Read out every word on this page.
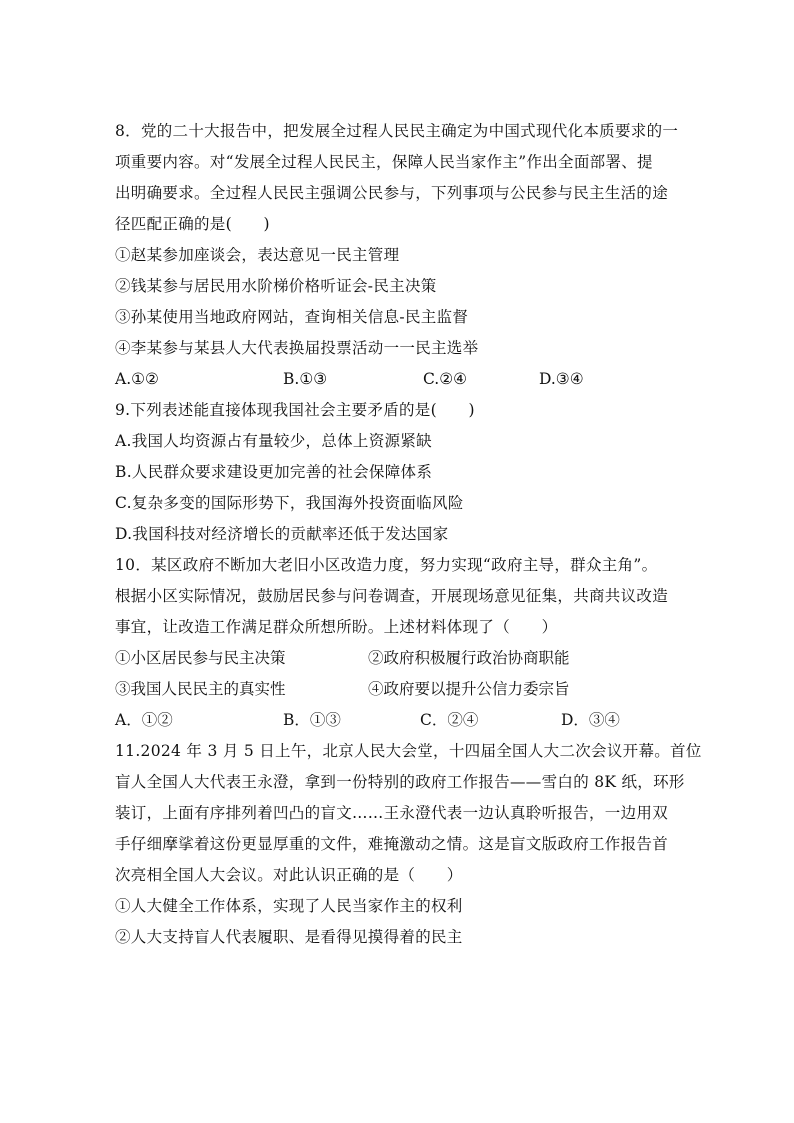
8．党的二十大报告中，把发展全过程人民民主确定为中国式现代化本质要求的一
项重要内容。对“发展全过程人民民主，保障人民当家作主”作出全面部署、提
出明确要求。全过程人民民主强调公民参与，下列事项与公民参与民主生活的途
径匹配正确的是(　　)
①赵某参加座谈会，表达意见一民主管理
②钱某参与居民用水阶梯价格听证会-民主决策
③孙某使用当地政府网站，查询相关信息-民主监督
④李某参与某县人大代表换届投票活动一一民主选举
A.①②	B.①③	C.②④	D.③④
9.下列表述能直接体现我国社会主要矛盾的是(　　)
A.我国人均资源占有量较少，总体上资源紧缺
B.人民群众要求建设更加完善的社会保障体系
C.复杂多变的国际形势下，我国海外投资面临风险
D.我国科技对经济增长的贡献率还低于发达国家
10．某区政府不断加大老旧小区改造力度，努力实现“政府主导，群众主角”。
根据小区实际情况，鼓励居民参与问卷调查，开展现场意见征集，共商共议改造
事宜，让改造工作满足群众所想所盼。上述材料体现了（　　）
①小区居民参与民主决策	②政府积极履行政治协商职能
③我国人民民主的真实性	④政府要以提升公信力委宗旨
A．①②	B．①③	C．②④	D．③④
11.2024 年 3 月 5 日上午，北京人民大会堂，十四届全国人大二次会议开幕。首位
盲人全国人大代表王永澄，拿到一份特别的政府工作报告——雪白的 8K 纸，环形
装订，上面有序排列着凹凸的盲文……王永澄代表一边认真聆听报告，一边用双
手仔细摩挲着这份更显厚重的文件，难掩激动之情。这是盲文版政府工作报告首
次亮相全国人大会议。对此认识正确的是（　　）
①人大健全工作体系，实现了人民当家作主的权利
②人大支持盲人代表履职、是看得见摸得着的民主
